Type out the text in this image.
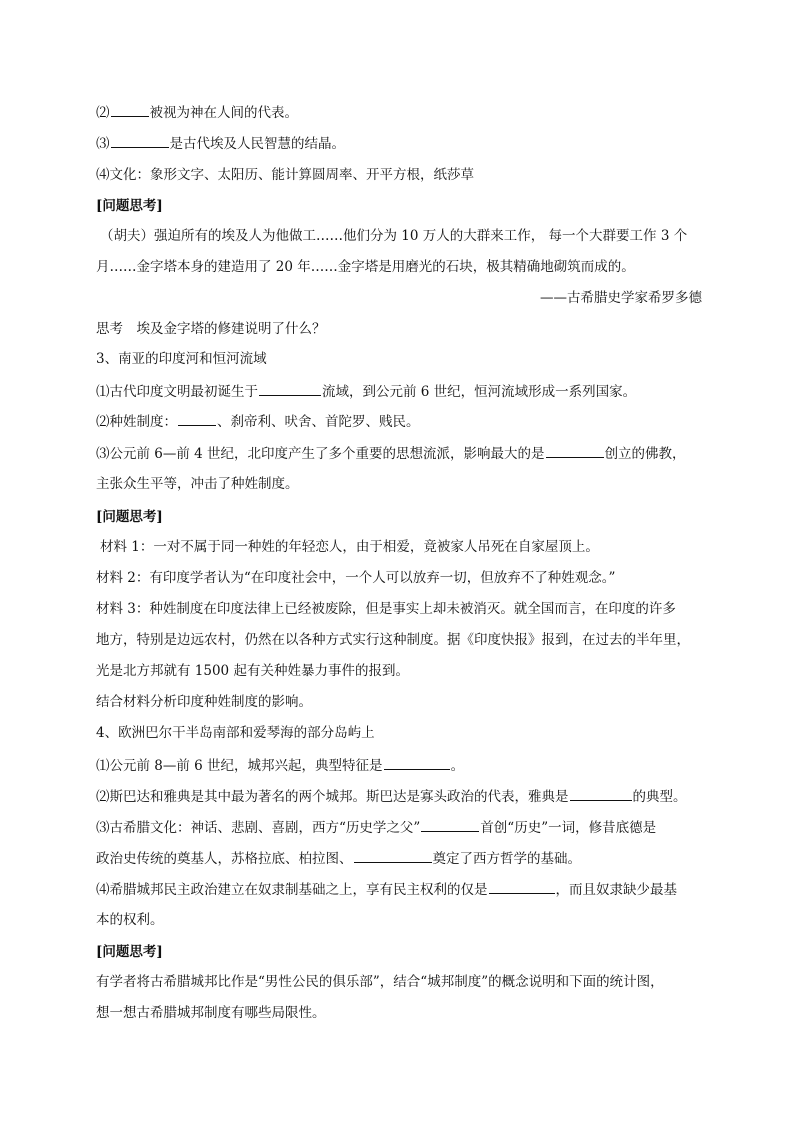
⑵	被视为神在人间的代表。
⑶	是古代埃及人民智慧的结晶。
⑷文化：象形文字、太阳历、能计算圆周率、开平方根，纸莎草
[问题思考]
（胡夫）强迫所有的埃及人为他做工……他们分为 10 万人的大群来工作， 每一个大群要工作 3 个
月……金字塔本身的建造用了 20 年……金字塔是用磨光的石块，极其精确地砌筑而成的。
——古希腊史学家希罗多德
思考　埃及金字塔的修建说明了什么？
3、南亚的印度河和恒河流域
⑴古代印度文明最初诞生于	流域，到公元前 6 世纪，恒河流域形成一系列国家。
⑵种姓制度：	、刹帝利、吠舍、首陀罗、贱民。
⑶公元前 6—前 4 世纪，北印度产生了多个重要的思想流派，影响最大的是	创立的佛教，
主张众生平等，冲击了种姓制度。
[问题思考]
材料 1：一对不属于同一种姓的年轻恋人，由于相爱，竟被家人吊死在自家屋顶上。
材料 2：有印度学者认为“在印度社会中，一个人可以放弃一切，但放弃不了种姓观念。”
材料 3：种姓制度在印度法律上已经被废除，但是事实上却未被消灭。就全国而言，在印度的许多
地方，特别是边远农村，仍然在以各种方式实行这种制度。据《印度快报》报到，在过去的半年里，
光是北方邦就有 1500 起有关种姓暴力事件的报到。
结合材料分析印度种姓制度的影响。
4、欧洲巴尔干半岛南部和爱琴海的部分岛屿上
⑴公元前 8—前 6 世纪，城邦兴起，典型特征是	。
⑵斯巴达和雅典是其中最为著名的两个城邦。斯巴达是寡头政治的代表，雅典是	的典型。
⑶古希腊文化：神话、悲剧、喜剧，西方“历史学之父”	首创“历史”一词，修昔底德是
政治史传统的奠基人，苏格拉底、柏拉图、	奠定了西方哲学的基础。
⑷希腊城邦民主政治建立在奴隶制基础之上，享有民主权利的仅是	，而且奴隶缺少最基
本的权利。
[问题思考]
有学者将古希腊城邦比作是“男性公民的俱乐部”，结合“城邦制度”的概念说明和下面的统计图，
想一想古希腊城邦制度有哪些局限性。
